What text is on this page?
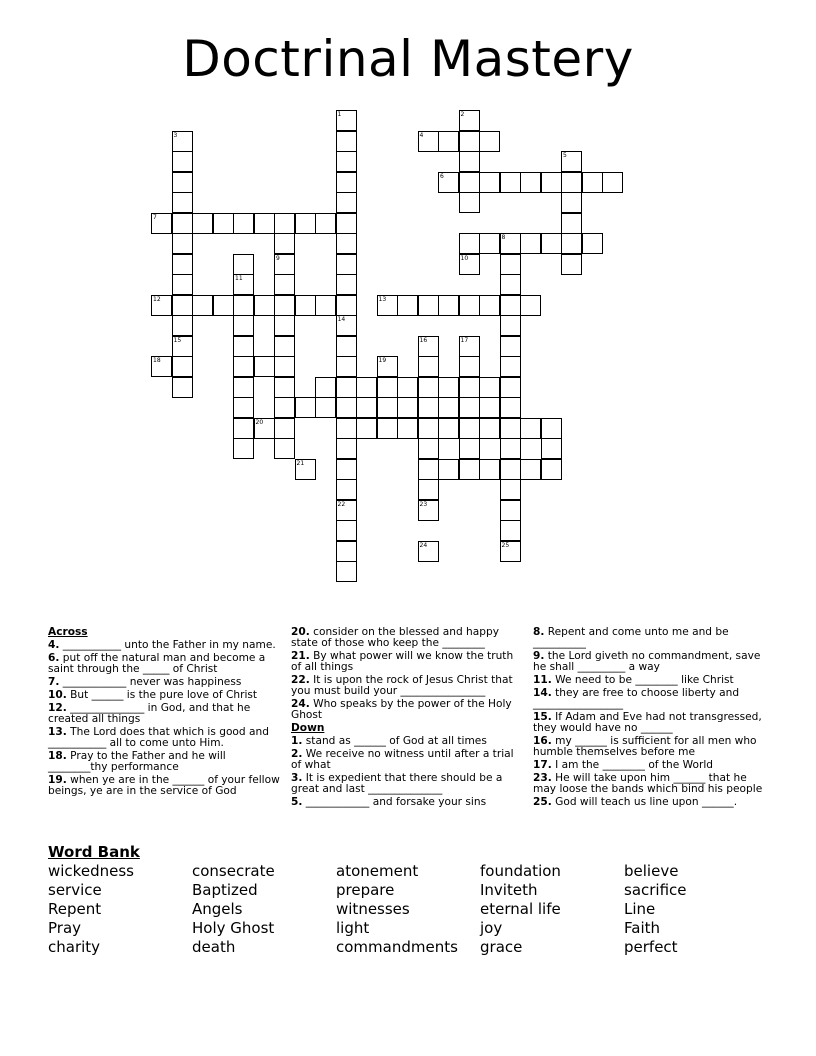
Doctrinal Mastery
2
3
15
4
5
6
7
8
9
11
12	13
14
22
16	17
23
1
10
18	19
20
21
24	25
Across
4. ___________ unto the Father in my name.
6. put off the natural man and become a saint through the _____ of Christ
7. ____________ never was happiness
10. But ______ is the pure love of Christ
12. ______________ in God, and that he created all things
13. The Lord does that which is good and ___________ all to come unto Him.
18. Pray to the Father and he will ________thy performance
19. when ye are in the ______ of your fellow beings, ye are in the service of God
20. consider on the blessed and happy state of those who keep the ________
21. By what power will we know the truth of all things
22. It is upon the rock of Jesus Christ that you must build your ________________
24. Who speaks by the power of the Holy Ghost
Down
1. stand as ______ of God at all times
2. We receive no witness until after a trial of what
3. It is expedient that there should be a great and last ______________
5. ____________ and forsake your sins
8. Repent and come unto me and be __________
9. the Lord giveth no commandment, save he shall _________ a way
11. We need to be ________ like Christ
14. they are free to choose liberty and _________________
15. If Adam and Eve had not transgressed, they would have no ______
16. my ______ is sufficient for all men who humble themselves before me
17. I am the ________ of the World
23. He will take upon him ______ that he may loose the bands which bind his people
25. God will teach us line upon ______.
Word Bank
wickedness	consecrate	atonement	foundation	believe
service	Baptized	prepare	Inviteth	sacrifice
Repent	Angels	witnesses	eternal life	Line
Pray	Holy Ghost	light	joy	Faith
charity	death	commandments	grace	perfect
